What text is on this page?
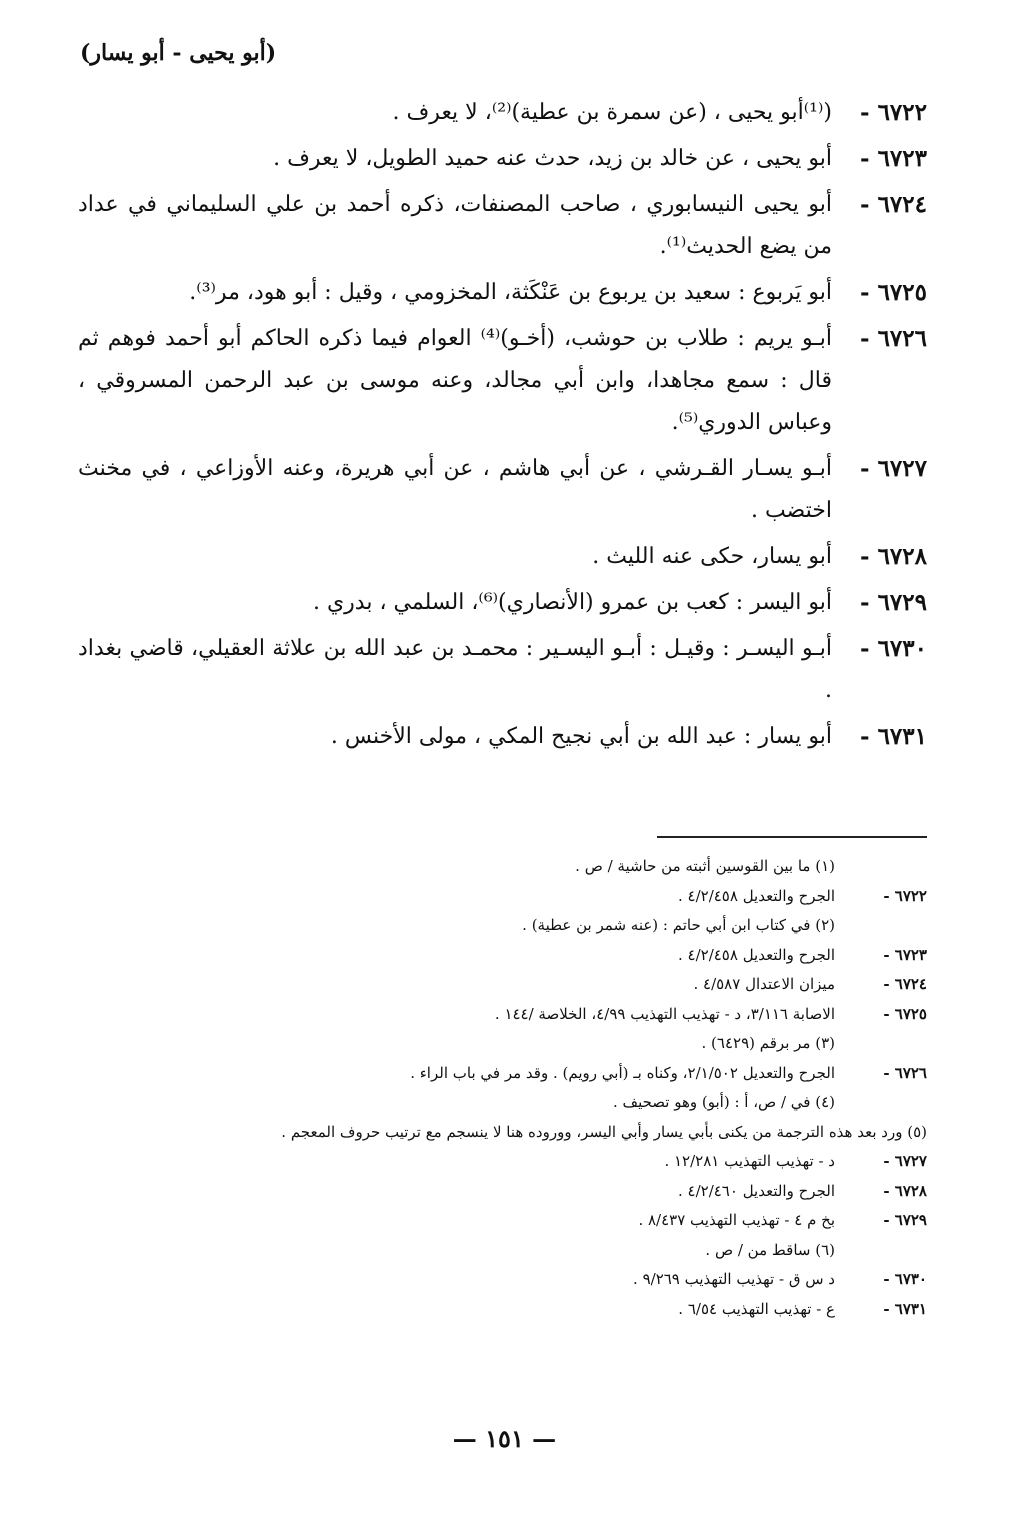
(أبو يحيى - أبو يسار)
٦٧٢٢ -
(⁽¹⁾أبو يحيى ، (عن سمرة بن عطية)⁽²⁾، لا يعرف .
٦٧٢٣ -
أبو يحيى ، عن خالد بن زيد، حدث عنه حميد الطويل، لا يعرف .
٦٧٢٤ -
أبو يحيى النيسابوري ، صاحب المصنفات، ذكره أحمد بن علي السليماني في عداد من يضع الحديث⁽¹⁾.
٦٧٢٥ -
أبو يَربوع : سعيد بن يربوع بن عَنْكَثة، المخزومي ، وقيل : أبو هود، مر⁽³⁾.
٦٧٢٦ -
أبـو يريم : طلاب بن حوشب، (أخـو)⁽⁴⁾ العوام فيما ذكره الحاكم أبو أحمد فوهم ثم قال : سمع مجاهدا، وابن أبي مجالد، وعنه موسى بن عبد الرحمن المسروقي ، وعباس الدوري⁽⁵⁾.
٦٧٢٧ -
أبـو يسـار القـرشي ، عن أبي هاشم ، عن أبي هريرة، وعنه الأوزاعي ، في مخنث اختضب .
٦٧٢٨ -
أبو يسار، حكى عنه الليث .
٦٧٢٩ -
أبو اليسر : كعب بن عمرو (الأنصاري)⁽⁶⁾، السلمي ، بدري .
٦٧٣٠ -
أبـو اليسـر : وقيـل : أبـو اليسـير : محمـد بن عبد الله بن علاثة العقيلي، قاضي بغداد .
٦٧٣١ -
أبو يسار : عبد الله بن أبي نجيح المكي ، مولى الأخنس .
(١) ما بين القوسين أثبته من حاشية / ص .
٦٧٢٢ -
الجرح والتعديل ٤/٢/٤٥٨ .
(٢) في كتاب ابن أبي حاتم : (عنه شمر بن عطية) .
٦٧٢٣ -
الجرح والتعديل ٤/٢/٤٥٨ .
٦٧٢٤ -
ميزان الاعتدال ٤/٥٨٧ .
٦٧٢٥ -
الاصابة ٣/١١٦، د - تهذيب التهذيب ٤/٩٩، الخلاصة /١٤٤ .
(٣) مر برقم (٦٤٢٩) .
٦٧٢٦ -
الجرح والتعديل ٢/١/٥٠٢، وكناه بـ (أبي رويم) . وقد مر في باب الراء .
(٤) في / ص، أ : (أبو) وهو تصحيف .
(٥) ورد بعد هذه الترجمة من يكنى بأبي يسار وأبي اليسر، ووروده هنا لا ينسجم مع ترتيب حروف المعجم .
٦٧٢٧ -
د - تهذيب التهذيب ١٢/٢٨١ .
٦٧٢٨ -
الجرح والتعديل ٤/٢/٤٦٠ .
٦٧٢٩ -
بخ م ٤ - تهذيب التهذيب ٨/٤٣٧ .
(٦) ساقط من / ص .
٦٧٣٠ -
د س ق - تهذيب التهذيب ٩/٢٦٩ .
٦٧٣١ -
ع - تهذيب التهذيب ٦/٥٤ .
— ١٥١ —
